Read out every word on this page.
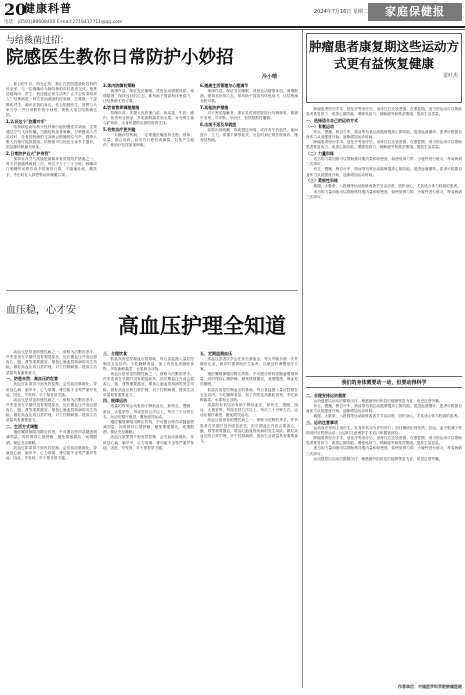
20
健康科普
电话：(0591)88608400 E-mail:2719417711@qq.com
2024年7月16日 星期二	家庭保健报
与结核菌过招：
院感医生教你日常防护小妙招
冷小晴

夏日的午后，阳光正热，我正在医院感染防控科的诊室里，与一位刚确诊为肺结核的年轻患者交谈。他焦虑地询问：医生，我还能正常生活吗？会不会传染给家人？结核病是一种古老而顽固的传染病，它就像一个狡猾的对手，潜伏在我们身边。作为院感医生，我想与大家分享一些日常防护的小妙招，帮助大家与结核菌过招。

1.认识这个"狡猾对手"

结核病是由结核分枝杆菌引起的慢性传染病，主要通过空气飞沫传播。当肺结核患者咳嗽、打喷嚏或大声说话时，含有结核菌的飞沫就会散播到空气中，健康人吸入后就可能被感染。结核菌可以侵犯全身多个器官，但以肺结核最为常见。

2.日常防护五大"护身符"

保持室内空气流通是最简单有效的防护措施之一，每天开窗通风两到三次，每次不少于三十分钟。咳嗽或打喷嚏时用纸巾或手肘遮挡口鼻，不随地吐痰，勤洗手，外出时在人群密集场所佩戴口罩。

3.体内防御有策略

规律作息，保证充足睡眠，适度运动增强体质，戒烟限酒，保持良好的心态，都有助于提高机体免疫力，让结核菌无机可乘。

4.饮食营养调理措施

均衡饮食，多摄入优质蛋白质，如鸡蛋、牛奶、瘦肉、鱼类和豆制品，多吃新鲜蔬菜和水果，补充维生素与矿物质，为身体提供足够的营养支持。

5.有效治疗更关键

一旦确诊结核病，一定要遵医嘱坚持全程、规律、足量、联合用药，切勿自行停药或减量，以免产生耐药，使治疗变得更加困难。

6.提高生活管理与心理调节

规律作息，保证充足睡眠，适度运动增强体质，戒烟限酒，保持良好的心态，都有助于提高机体免疫力，让结核菌无机可乘。

7.其他防护措施

对于密切接触者，建议及时到医院进行结核筛查，做到早发现、早诊断、早治疗，有效阻断传播链。

8.出现不适及早就医

如果出现咳嗽、咳痰超过两周，或伴有午后低热、夜间盗汗、乏力、体重下降等症状，应及时到正规医院就诊，排查结核病。

血压稳，心才安
高血压护理全知道

高血压是常见的慢性病之一，被称为沉默的杀手。许多患者在早期并没有明显症状，但长期血压升高会损害心、脑、肾等重要器官，增加心脑血管疾病的发生风险。做好高血压的日常护理，对于控制病情、提高生活质量具有重要意义。

一、防患未然：高血压的危害

高血压如果得不到有效控制，会引起动脉硬化，导致冠心病、脑卒中、心力衰竭、肾功能不全等严重并发症。因此，早发现、早干预非常关键。

高血压是常见的慢性病之一，被称为沉默的杀手。许多患者在早期并没有明显症状，但长期血压升高会损害心、脑、肾等重要器官，增加心脑血管疾病的发生风险。做好高血压的日常护理，对于控制病情、提高生活质量具有重要意义。

二、生活方式调整

遵医嘱规律服用降压药物，不可擅自停药或随意增减剂量，同时保持心情舒畅，避免情绪激动，戒烟限酒，保证充足睡眠。

高血压如果得不到有效控制，会引起动脉硬化，导致冠心病、脑卒中、心力衰竭、肾功能不全等严重并发症。因此，早发现、早干预非常关键。

三、合理饮食

低盐饮食是控制血压的基础，每日食盐摄入量应控制在五克以内。少吃腌制食品、加工肉类及高脂肪食物，多吃新鲜蔬菜、水果和全谷物。

高血压是常见的慢性病之一，被称为沉默的杀手。许多患者在早期并没有明显症状，但长期血压升高会损害心、脑、肾等重要器官，增加心脑血管疾病的发生风险。做好高血压的日常护理，对于控制病情、提高生活质量具有重要意义。

四、规律运动

适量的有氧运动有助于降低血压，如快走、慢跑、游泳、太极拳等，每周坚持五次以上，每次三十分钟左右。运动应循序渐进，避免剧烈运动。

遵医嘱规律服用降压药物，不可擅自停药或随意增减剂量，同时保持心情舒畅，避免情绪激动，戒烟限酒，保证充足睡眠。

高血压如果得不到有效控制，会引起动脉硬化，导致冠心病、脑卒中、心力衰竭、肾功能不全等严重并发症。因此，早发现、早干预非常关键。

五、定期监测血压

高血压患者应学会在家自测血压，每天早晚各测一次并做好记录，就诊时提供给医生参考，以便及时调整治疗方案。

遵医嘱规律服用降压药物，不可擅自停药或随意增减剂量，同时保持心情舒畅，避免情绪激动，戒烟限酒，保证充足睡眠。

低盐饮食是控制血压的基础，每日食盐摄入量应控制在五克以内。少吃腌制食品、加工肉类及高脂肪食物，多吃新鲜蔬菜、水果和全谷物。

适量的有氧运动有助于降低血压，如快走、慢跑、游泳、太极拳等，每周坚持五次以上，每次三十分钟左右。运动应循序渐进，避免剧烈运动。

高血压是常见的慢性病之一，被称为沉默的杀手。许多患者在早期并没有明显症状，但长期血压升高会损害心、脑、肾等重要器官，增加心脑血管疾病的发生风险。做好高血压的日常护理，对于控制病情、提高生活质量具有重要意义。

肿瘤患者康复期这些运动方式更有益恢复健康
雷叶杰

肿瘤患者经历手术、放化疗等治疗后，身体往往比较虚弱。在康复期，适当的运动可以帮助患者恢复体力、改善心肺功能、增强免疫力、缓解疲劳和焦虑情绪，提高生活质量。

一、选择适合自己的运动方式
（一）有氧运动

快走、慢跑、骑自行车、游泳等有氧运动能够提高心肺功能，促进血液循环。患者可根据自身体力从低强度开始，逐渐增加运动时间。

肿瘤患者经历手术、放化疗等治疗后，身体往往比较虚弱。在康复期，适当的运动可以帮助患者恢复体力、改善心肺功能、增强免疫力、缓解疲劳和焦虑情绪，提高生活质量。

（二）力量训练

适当的力量训练可以帮助维持肌肉量和骨密度，如使用弹力带、小哑铃进行练习，每周两到三次即可。

快走、慢跑、骑自行车、游泳等有氧运动能够提高心肺功能，促进血液循环。患者可根据自身体力从低强度开始，逐渐增加运动时间。

（三）柔韧性训练

瑜伽、太极拳、八段锦等运动能够改善关节活动度，放松身心，尤其适合体力较弱的患者。

适当的力量训练可以帮助维持肌肉量和骨密度，如使用弹力带、小哑铃进行练习，每周两到三次即可。

我们的身体需要动一动，但要动得科学
二、合理安排运动强度

运动强度以运动后微微出汗、稍感疲劳但休息后能够恢复为宜，切忌过度劳累。

快走、慢跑、骑自行车、游泳等有氧运动能够提高心肺功能，促进血液循环。患者可根据自身体力从低强度开始，逐渐增加运动时间。

瑜伽、太极拳、八段锦等运动能够改善关节活动度，放松身心，尤其适合体力较弱的患者。

三、运动注意事项

运动前应咨询主治医生，在身体状况允许时进行；治疗期间出现发热、贫血、血小板减少等情况时应暂停运动；运动时注意保护手术切口和置管部位。

肿瘤患者经历手术、放化疗等治疗后，身体往往比较虚弱。在康复期，适当的运动可以帮助患者恢复体力、改善心肺功能、增强免疫力、缓解疲劳和焦虑情绪，提高生活质量。

适当的力量训练可以帮助维持肌肉量和骨密度，如使用弹力带、小哑铃进行练习，每周两到三次即可。

运动强度以运动后微微出汗、稍感疲劳但休息后能够恢复为宜，切忌过度劳累。

作者单位：中国医学科学院肿瘤医院
